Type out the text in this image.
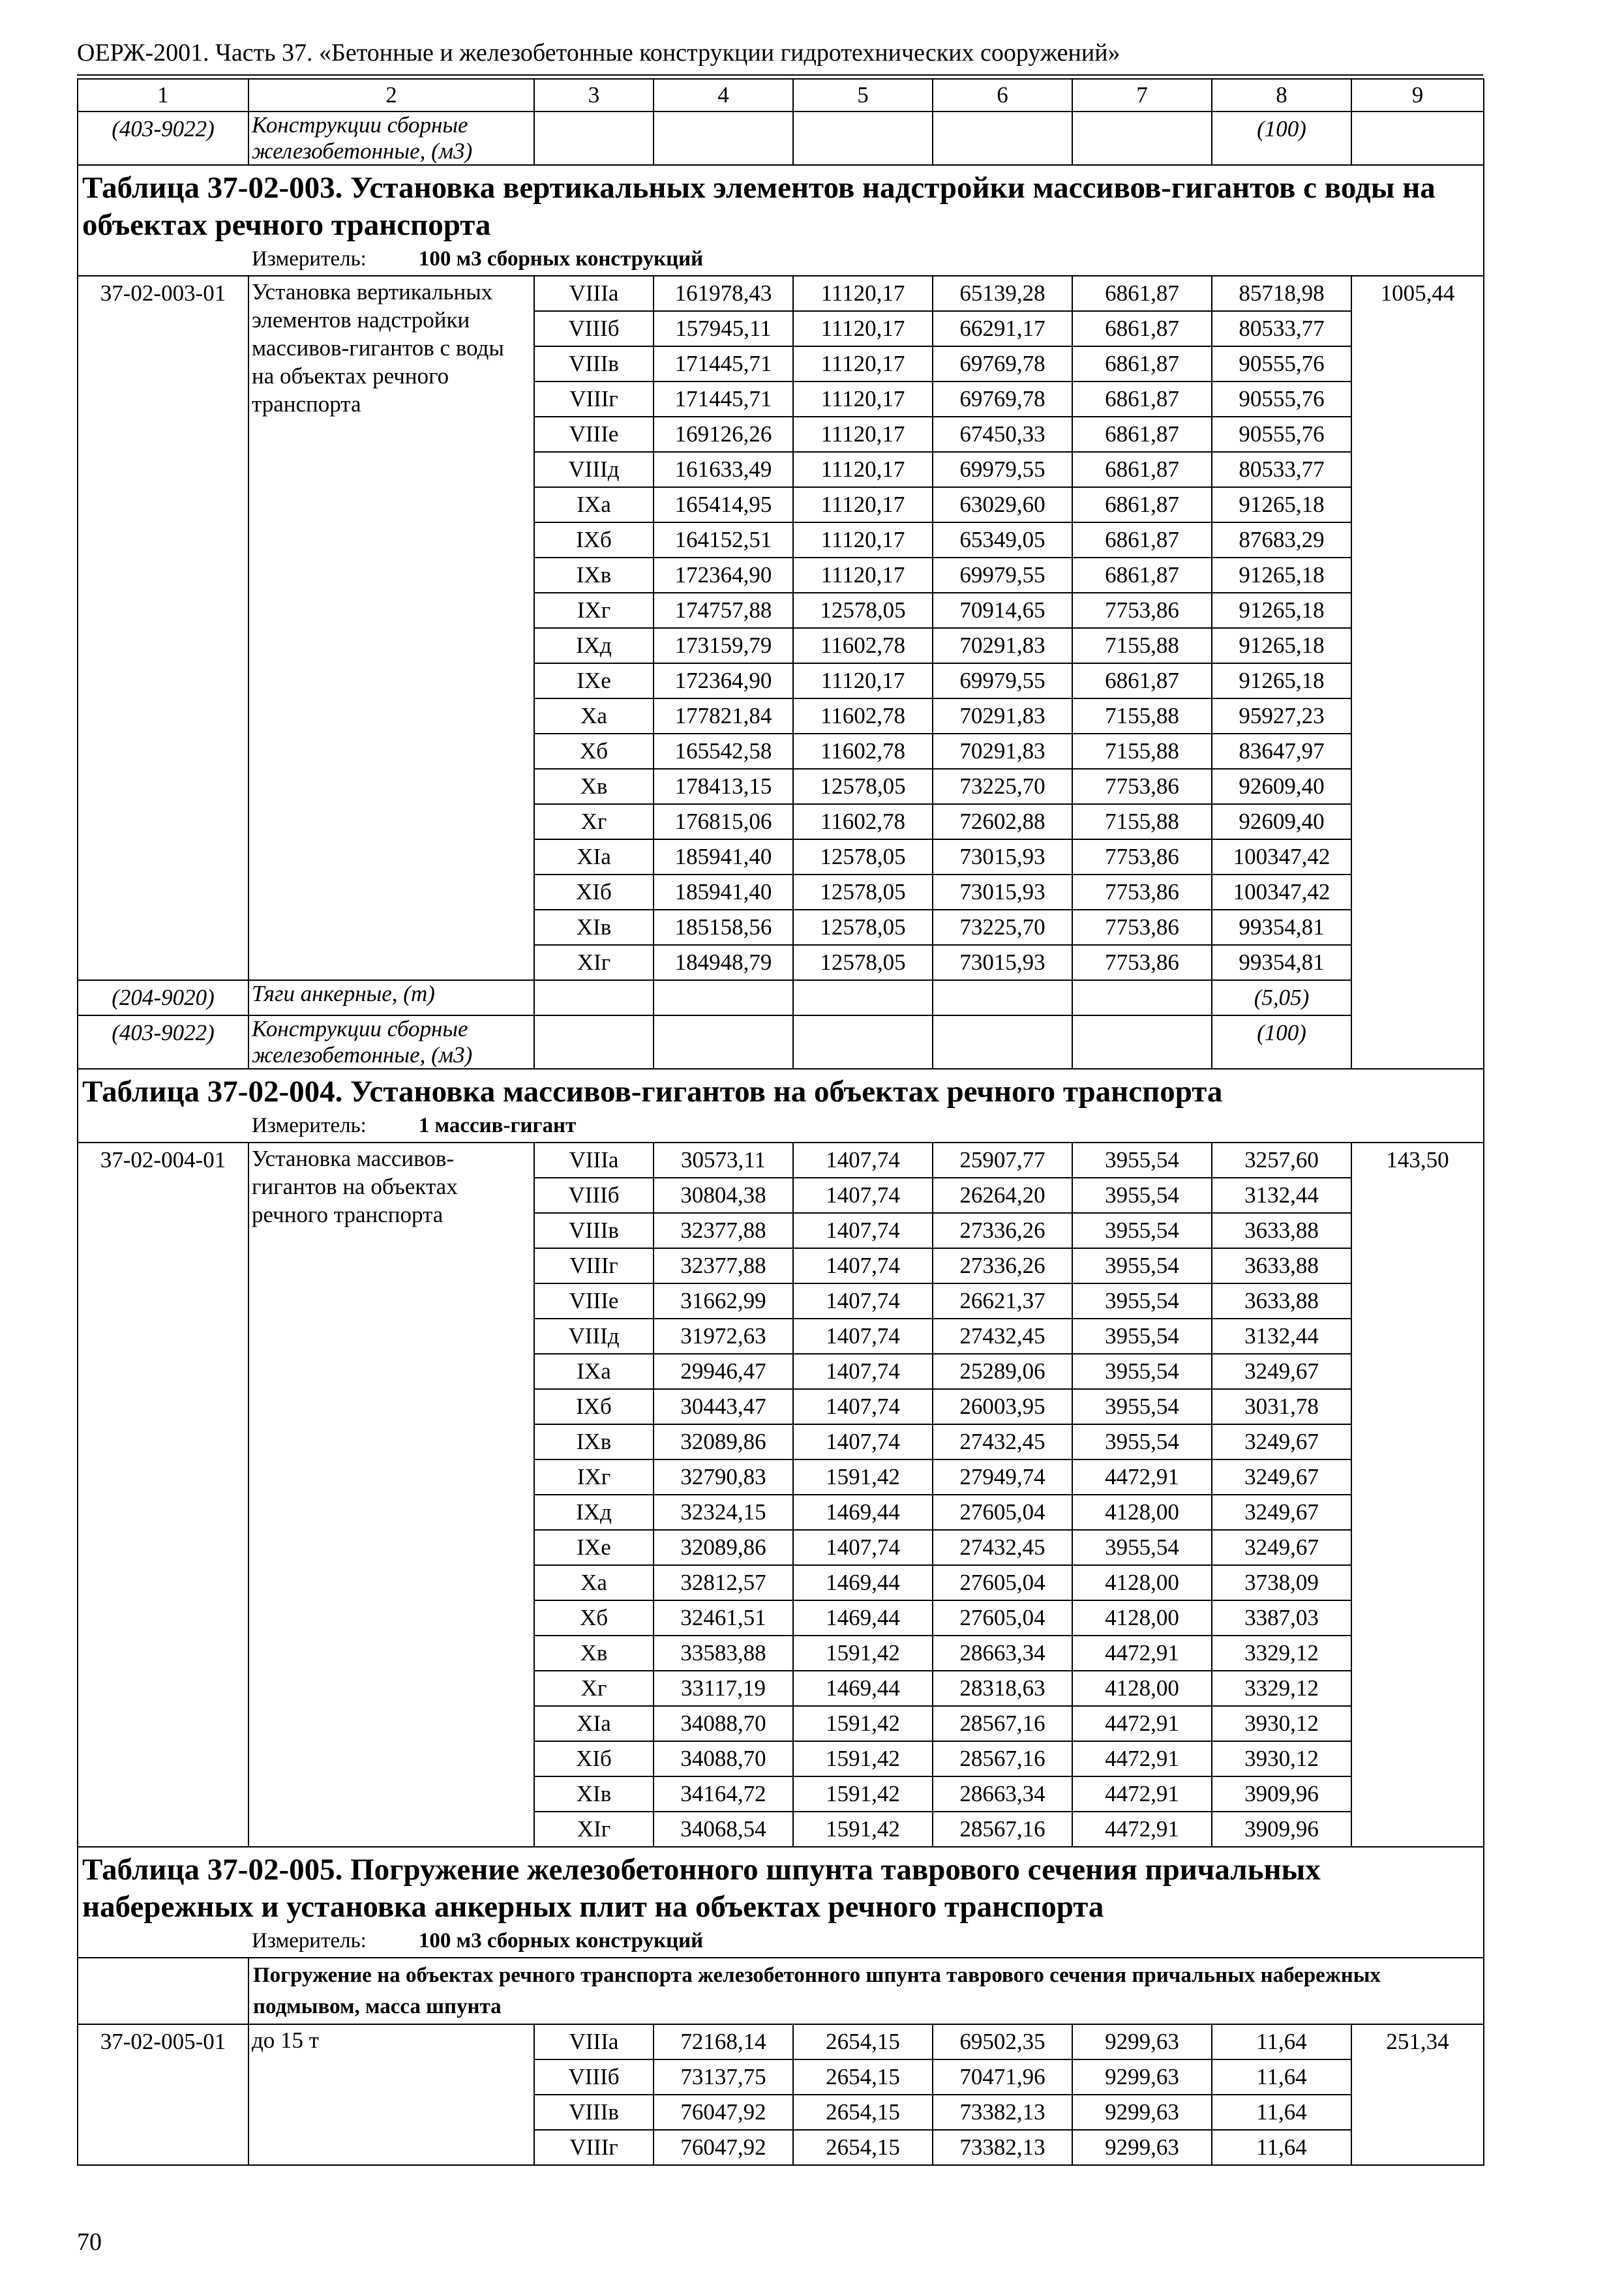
ОЕРЖ-2001. Часть 37. «Бетонные и железобетонные конструкции гидротехнических сооружений»
1	2	3	4	5	6	7	8	9
(403-9022)	Конструкции сборные железобетонные, (м3)						(100)	

Таблица 37-02-003. Установка вертикальных элементов надстройки массивов-гигантов с воды на объектах речного транспорта
Измеритель: 100 м3 сборных конструкций								

37-02-003-01	Установка вертикальных элементов надстройки массивов-гигантов с воды на объектах речного транспорта	VIIIа	161978,43	11120,17	65139,28	6861,87	85718,98	1005,44
		VIIIб	157945,11	11120,17	66291,17	6861,87	80533,77	
		VIIIв	171445,71	11120,17	69769,78	6861,87	90555,76	
		VIIIг	171445,71	11120,17	69769,78	6861,87	90555,76	
		VIIIе	169126,26	11120,17	67450,33	6861,87	90555,76	
		VIIIд	161633,49	11120,17	69979,55	6861,87	80533,77	
		IXа	165414,95	11120,17	63029,60	6861,87	91265,18	
		IXб	164152,51	11120,17	65349,05	6861,87	87683,29	
		IXв	172364,90	11120,17	69979,55	6861,87	91265,18	
		IXг	174757,88	12578,05	70914,65	7753,86	91265,18	
		IXд	173159,79	11602,78	70291,83	7155,88	91265,18	
		IXе	172364,90	11120,17	69979,55	6861,87	91265,18	
		Xа	177821,84	11602,78	70291,83	7155,88	95927,23	
		Xб	165542,58	11602,78	70291,83	7155,88	83647,97	
		Xв	178413,15	12578,05	73225,70	7753,86	92609,40	
		Xг	176815,06	11602,78	72602,88	7155,88	92609,40	
		XIа	185941,40	12578,05	73015,93	7753,86	100347,42	
		XIб	185941,40	12578,05	73015,93	7753,86	100347,42	
		XIв	185158,56	12578,05	73225,70	7753,86	99354,81	
		XIг	184948,79	12578,05	73015,93	7753,86	99354,81	
(204-9020)	Тяги анкерные, (т)						(5,05)	
(403-9022)	Конструкции сборные железобетонные, (м3)						(100)	

Таблица 37-02-004. Установка массивов-гигантов на объектах речного транспорта
Измеритель: 1 массив-гигант								

37-02-004-01	Установка массивов-гигантов на объектах речного транспорта	VIIIа	30573,11	1407,74	25907,77	3955,54	3257,60	143,50
		VIIIб	30804,38	1407,74	26264,20	3955,54	3132,44	
		VIIIв	32377,88	1407,74	27336,26	3955,54	3633,88	
		VIIIг	32377,88	1407,74	27336,26	3955,54	3633,88	
		VIIIе	31662,99	1407,74	26621,37	3955,54	3633,88	
		VIIIд	31972,63	1407,74	27432,45	3955,54	3132,44	
		IXа	29946,47	1407,74	25289,06	3955,54	3249,67	
		IXб	30443,47	1407,74	26003,95	3955,54	3031,78	
		IXв	32089,86	1407,74	27432,45	3955,54	3249,67	
		IXг	32790,83	1591,42	27949,74	4472,91	3249,67	
		IXд	32324,15	1469,44	27605,04	4128,00	3249,67	
		IXе	32089,86	1407,74	27432,45	3955,54	3249,67	
		Xа	32812,57	1469,44	27605,04	4128,00	3738,09	
		Xб	32461,51	1469,44	27605,04	4128,00	3387,03	
		Xв	33583,88	1591,42	28663,34	4472,91	3329,12	
		Xг	33117,19	1469,44	28318,63	4128,00	3329,12	
		XIа	34088,70	1591,42	28567,16	4472,91	3930,12	
		XIб	34088,70	1591,42	28567,16	4472,91	3930,12	
		XIв	34164,72	1591,42	28663,34	4472,91	3909,96	
		XIг	34068,54	1591,42	28567,16	4472,91	3909,96	

Таблица 37-02-005. Погружение железобетонного шпунта таврового сечения причальных набережных и установка анкерных плит на объектах речного транспорта
Измеритель: 100 м3 сборных конструкций								

	Погружение на объектах речного транспорта железобетонного шпунта таврового сечения причальных набережных подмывом, масса шпунта							
37-02-005-01	до 15 т	VIIIа	72168,14	2654,15	69502,35	9299,63	11,64	251,34
		VIIIб	73137,75	2654,15	70471,96	9299,63	11,64	
		VIIIв	76047,92	2654,15	73382,13	9299,63	11,64	
		VIIIг	76047,92	2654,15	73382,13	9299,63	11,64	
70
